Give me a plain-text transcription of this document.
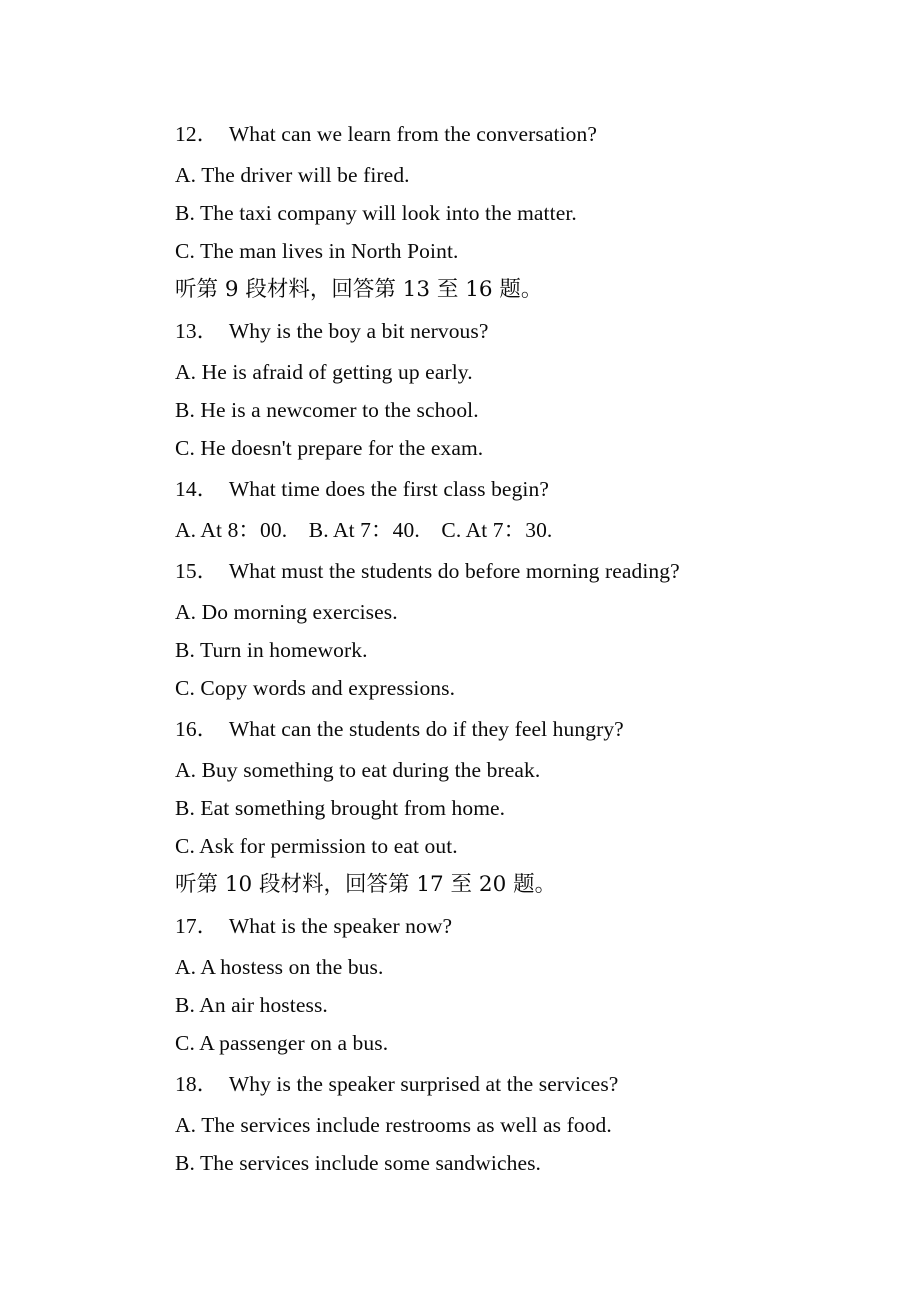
12．  What can we learn from the conversation?
A. The driver will be fired.
B. The taxi company will look into the matter.
C. The man lives in North Point.
听第 9 段材料，回答第 13 至 16 题。
13．  Why is the boy a bit nervous?
A. He is afraid of getting up early.
B. He is a newcomer to the school.
C. He doesn't prepare for the exam.
14．  What time does the first class begin?
A. At 8：00.　B. At 7：40.　C. At 7：30.
15．  What must the students do before morning reading?
A. Do morning exercises.
B. Turn in homework.
C. Copy words and expressions.
16．  What can the students do if they feel hungry?
A. Buy something to eat during the break.
B. Eat something brought from home.
C. Ask for permission to eat out.
听第 10 段材料，回答第 17 至 20 题。
17．  What is the speaker now?
A. A hostess on the bus.
B. An air hostess.
C. A passenger on a bus.
18．  Why is the speaker surprised at the services?
A. The services include restrooms as well as food.
B. The services include some sandwiches.
